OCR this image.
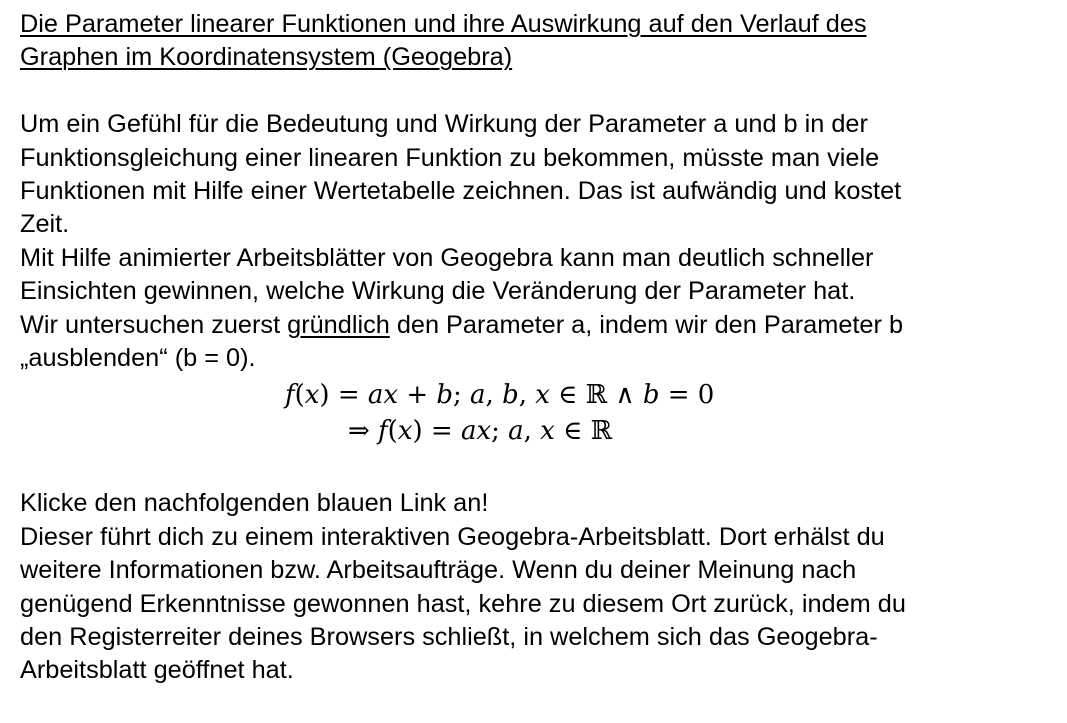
Die Parameter linearer Funktionen und ihre Auswirkung auf den Verlauf des
Graphen im Koordinatensystem (Geogebra)
Um ein Gefühl für die Bedeutung und Wirkung der Parameter a und b in der
Funktionsgleichung einer linearen Funktion zu bekommen, müsste man viele
Funktionen mit Hilfe einer Wertetabelle zeichnen. Das ist aufwändig und kostet
Zeit.
Mit Hilfe animierter Arbeitsblätter von Geogebra kann man deutlich schneller
Einsichten gewinnen, welche Wirkung die Veränderung der Parameter hat.
Wir untersuchen zuerst gründlich den Parameter a, indem wir den Parameter b
„ausblenden“ (b = 0).
𝑓(𝑥) = 𝑎𝑥 + 𝑏; 𝑎, 𝑏, 𝑥 ∈ ℝ ∧ 𝑏 = 0
⇒ 𝑓(𝑥) = 𝑎𝑥; 𝑎, 𝑥 ∈ ℝ
Klicke den nachfolgenden blauen Link an!
Dieser führt dich zu einem interaktiven Geogebra-Arbeitsblatt. Dort erhälst du
weitere Informationen bzw. Arbeitsaufträge. Wenn du deiner Meinung nach
genügend Erkenntnisse gewonnen hast, kehre zu diesem Ort zurück, indem du
den Registerreiter deines Browsers schließt, in welchem sich das Geogebra-
Arbeitsblatt geöffnet hat.
